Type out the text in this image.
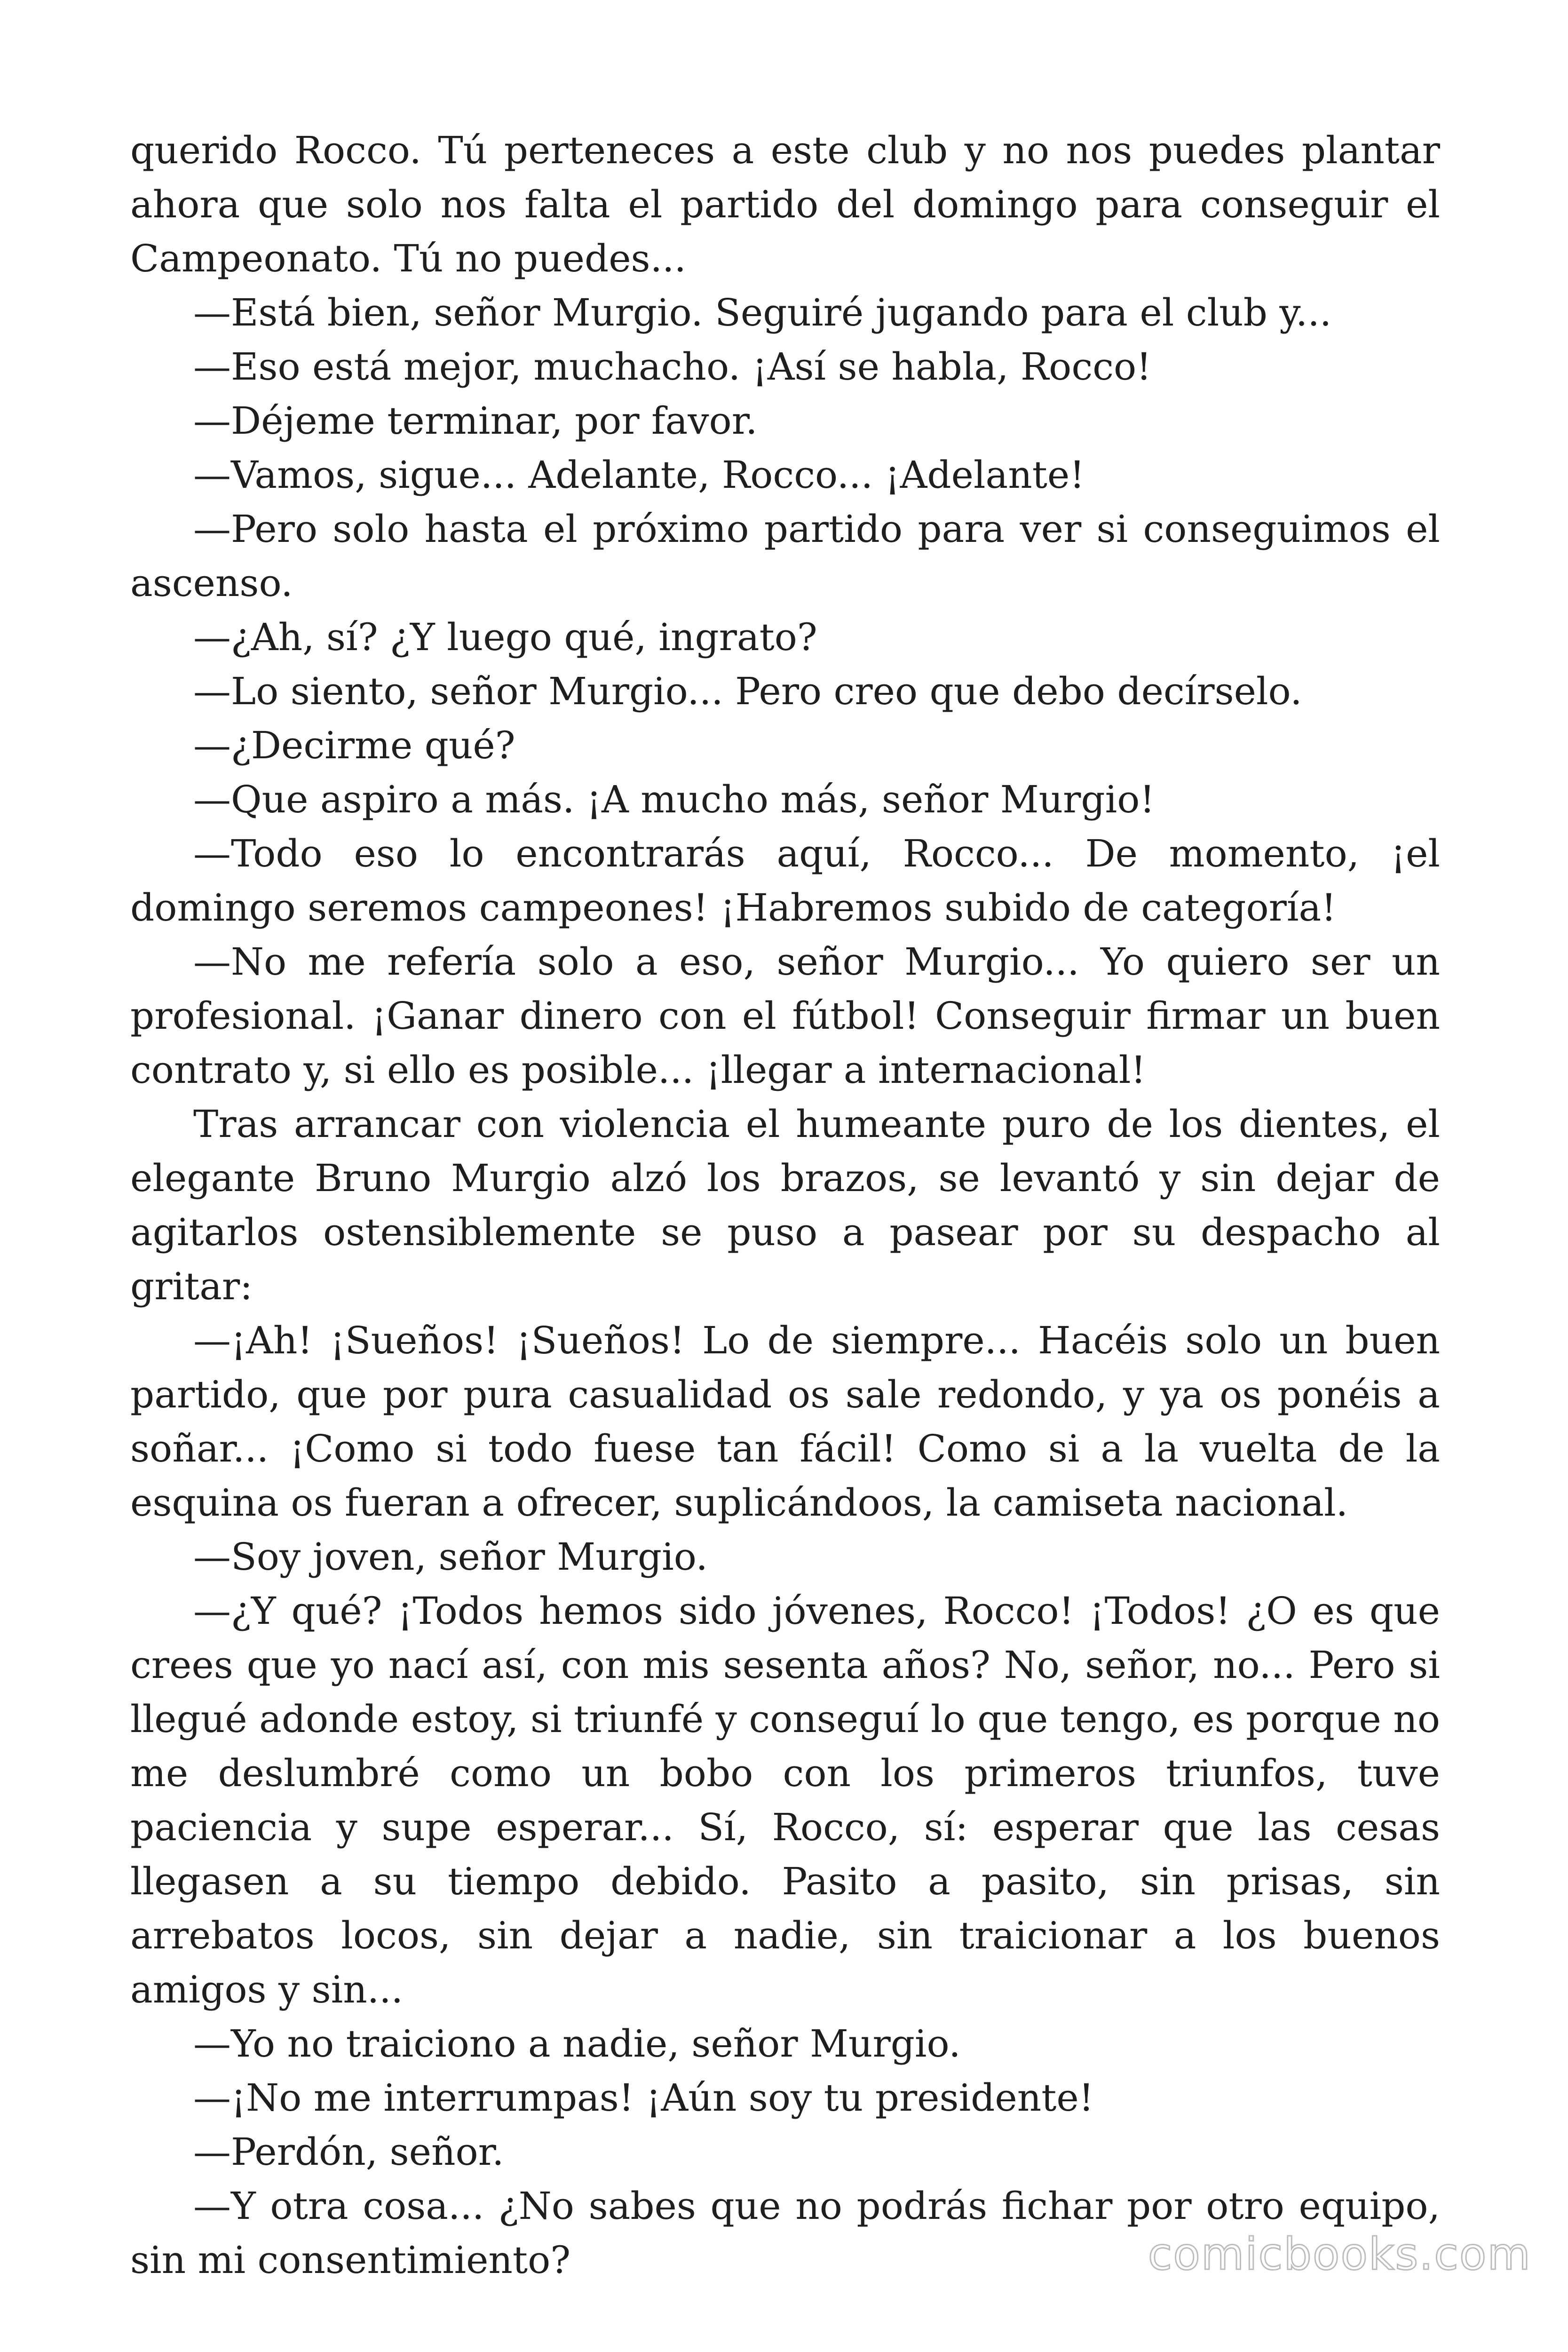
querido Rocco. Tú perteneces a este club y no nos puedes plantar ahora que solo nos falta el partido del domingo para conseguir el Campeonato. Tú no puedes...

—Está bien, señor Murgio. Seguiré jugando para el club y...

—Eso está mejor, muchacho. ¡Así se habla, Rocco!

—Déjeme terminar, por favor.

—Vamos, sigue... Adelante, Rocco... ¡Adelante!

—Pero solo hasta el próximo partido para ver si conseguimos el ascenso.

—¿Ah, sí? ¿Y luego qué, ingrato?

—Lo siento, señor Murgio... Pero creo que debo decírselo.

—¿Decirme qué?

—Que aspiro a más. ¡A mucho más, señor Murgio!

—Todo eso lo encontrarás aquí, Rocco... De momento, ¡el domingo seremos campeones! ¡Habremos subido de categoría!

—No me refería solo a eso, señor Murgio... Yo quiero ser un profesional. ¡Ganar dinero con el fútbol! Conseguir firmar un buen contrato y, si ello es posible... ¡llegar a internacional!

Tras arrancar con violencia el humeante puro de los dientes, el elegante Bruno Murgio alzó los brazos, se levantó y sin dejar de agitarlos ostensiblemente se puso a pasear por su despacho al gritar:

—¡Ah! ¡Sueños! ¡Sueños! Lo de siempre... Hacéis solo un buen partido, que por pura casualidad os sale redondo, y ya os ponéis a soñar... ¡Como si todo fuese tan fácil! Como si a la vuelta de la esquina os fueran a ofrecer, suplicándoos, la camiseta nacional.

—Soy joven, señor Murgio.

—¿Y qué? ¡Todos hemos sido jóvenes, Rocco! ¡Todos! ¿O es que crees que yo nací así, con mis sesenta años? No, señor, no... Pero si llegué adonde estoy, si triunfé y conseguí lo que tengo, es porque no me deslumbré como un bobo con los primeros triunfos, tuve paciencia y supe esperar... Sí, Rocco, sí: esperar que las cesas llegasen a su tiempo debido. Pasito a pasito, sin prisas, sin arrebatos locos, sin dejar a nadie, sin traicionar a los buenos amigos y sin...

—Yo no traiciono a nadie, señor Murgio.

—¡No me interrumpas! ¡Aún soy tu presidente!

—Perdón, señor.

—Y otra cosa... ¿No sabes que no podrás fichar por otro equipo, sin mi consentimiento?	comicbooks.com
